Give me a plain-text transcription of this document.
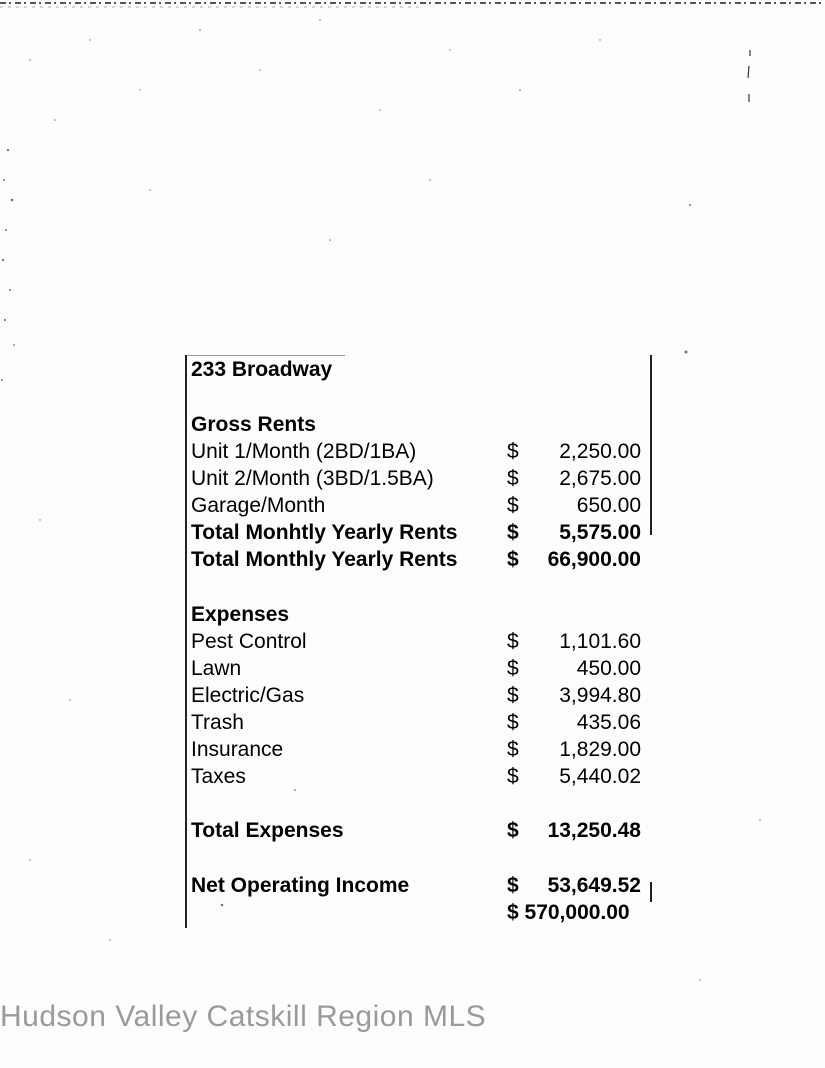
233 Broadway
Gross Rents
Unit 1/Month (2BD/1BA)	$ 2,250.00
Unit 2/Month (3BD/1.5BA)	$ 2,675.00
Garage/Month	$	650.00
Total Monhtly Yearly Rents $ 5,575.00
Total Monthly Yearly Rents $ 66,900.00
Expenses
Pest Control	$ 1,101.60
Lawn	$	450.00
Electric/Gas	$ 3,994.80
Trash	$	435.06
Insurance	$ 1,829.00
Taxes	$ 5,440.02
Total Expenses	$ 13,250.48
Net Operating Income	$ 53,649.52
$ 570,000.00
Hudson Valley Catskill Region MLS
